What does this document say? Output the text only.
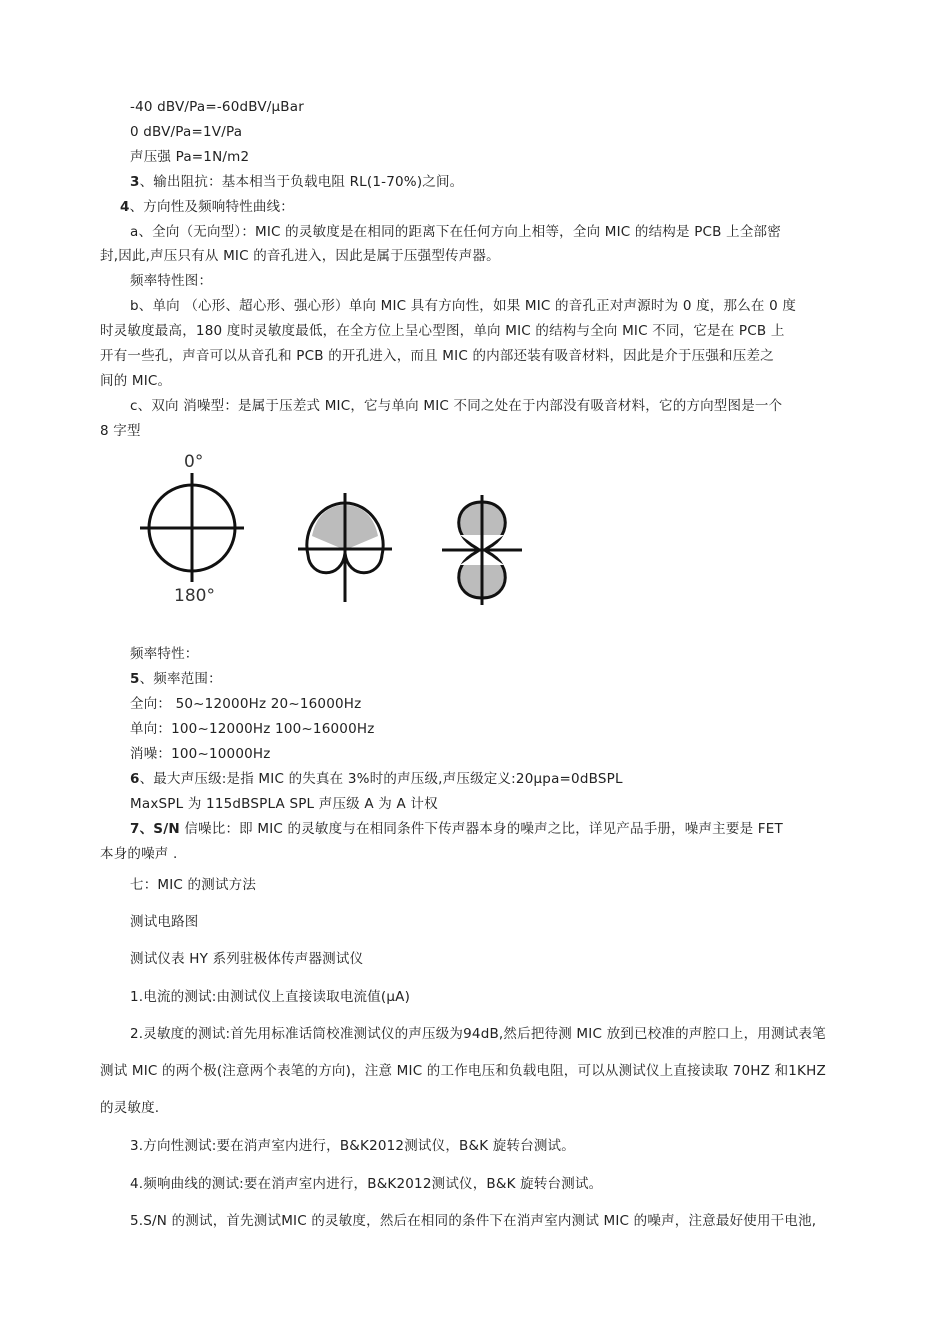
-40 dBV/Pa=-60dBV/μBar
0 dBV/Pa=1V/Pa
声压强 Pa=1N/m2
3、输出阻抗：基本相当于负载电阻 RL(1-70%)之间。
4、方向性及频响特性曲线：
a、全向（无向型）：MIC 的灵敏度是在相同的距离下在任何方向上相等，全向 MIC 的结构是 PCB 上全部密
封,因此,声压只有从 MIC 的音孔进入，因此是属于压强型传声器。
频率特性图：
b、单向 （心形、超心形、强心形）单向 MIC 具有方向性，如果 MIC 的音孔正对声源时为 0 度，那么在 0 度
时灵敏度最高，180 度时灵敏度最低，在全方位上呈心型图，单向 MIC 的结构与全向 MIC 不同，它是在 PCB 上
开有一些孔，声音可以从音孔和 PCB 的开孔进入，而且 MIC 的内部还装有吸音材料，因此是介于压强和压差之
间的 MIC。
c、双向 消噪型：是属于压差式 MIC，它与单向 MIC 不同之处在于内部没有吸音材料，它的方向型图是一个
8 字型
0°
180°
频率特性：
5、频率范围：
全向： 50~12000Hz 20~16000Hz
单向：100~12000Hz 100~16000Hz
消噪：100~10000Hz
6、最大声压级:是指 MIC 的失真在 3%时的声压级,声压级定义:20μpa=0dBSPL
MaxSPL 为 115dBSPLA SPL 声压级 A 为 A 计权
7、S/N 信噪比：即 MIC 的灵敏度与在相同条件下传声器本身的噪声之比，详见产品手册，噪声主要是 FET
本身的噪声 .
七：MIC 的测试方法
测试电路图
测试仪表 HY 系列驻极体传声器测试仪
1.电流的测试:由测试仪上直接读取电流值(μA)
2.灵敏度的测试:首先用标准话筒校准测试仪的声压级为94dB,然后把待测 MIC 放到已校准的声腔口上，用测试表笔
测试 MIC 的两个极(注意两个表笔的方向)，注意 MIC 的工作电压和负载电阻，可以从测试仪上直接读取 70HZ 和1KHZ
的灵敏度.
3.方向性测试:要在消声室内进行，B&K2012测试仪，B&K 旋转台测试。
4.频响曲线的测试:要在消声室内进行，B&K2012测试仪，B&K 旋转台测试。
5.S/N 的测试，首先测试MIC 的灵敏度，然后在相同的条件下在消声室内测试 MIC 的噪声，注意最好使用干电池,
